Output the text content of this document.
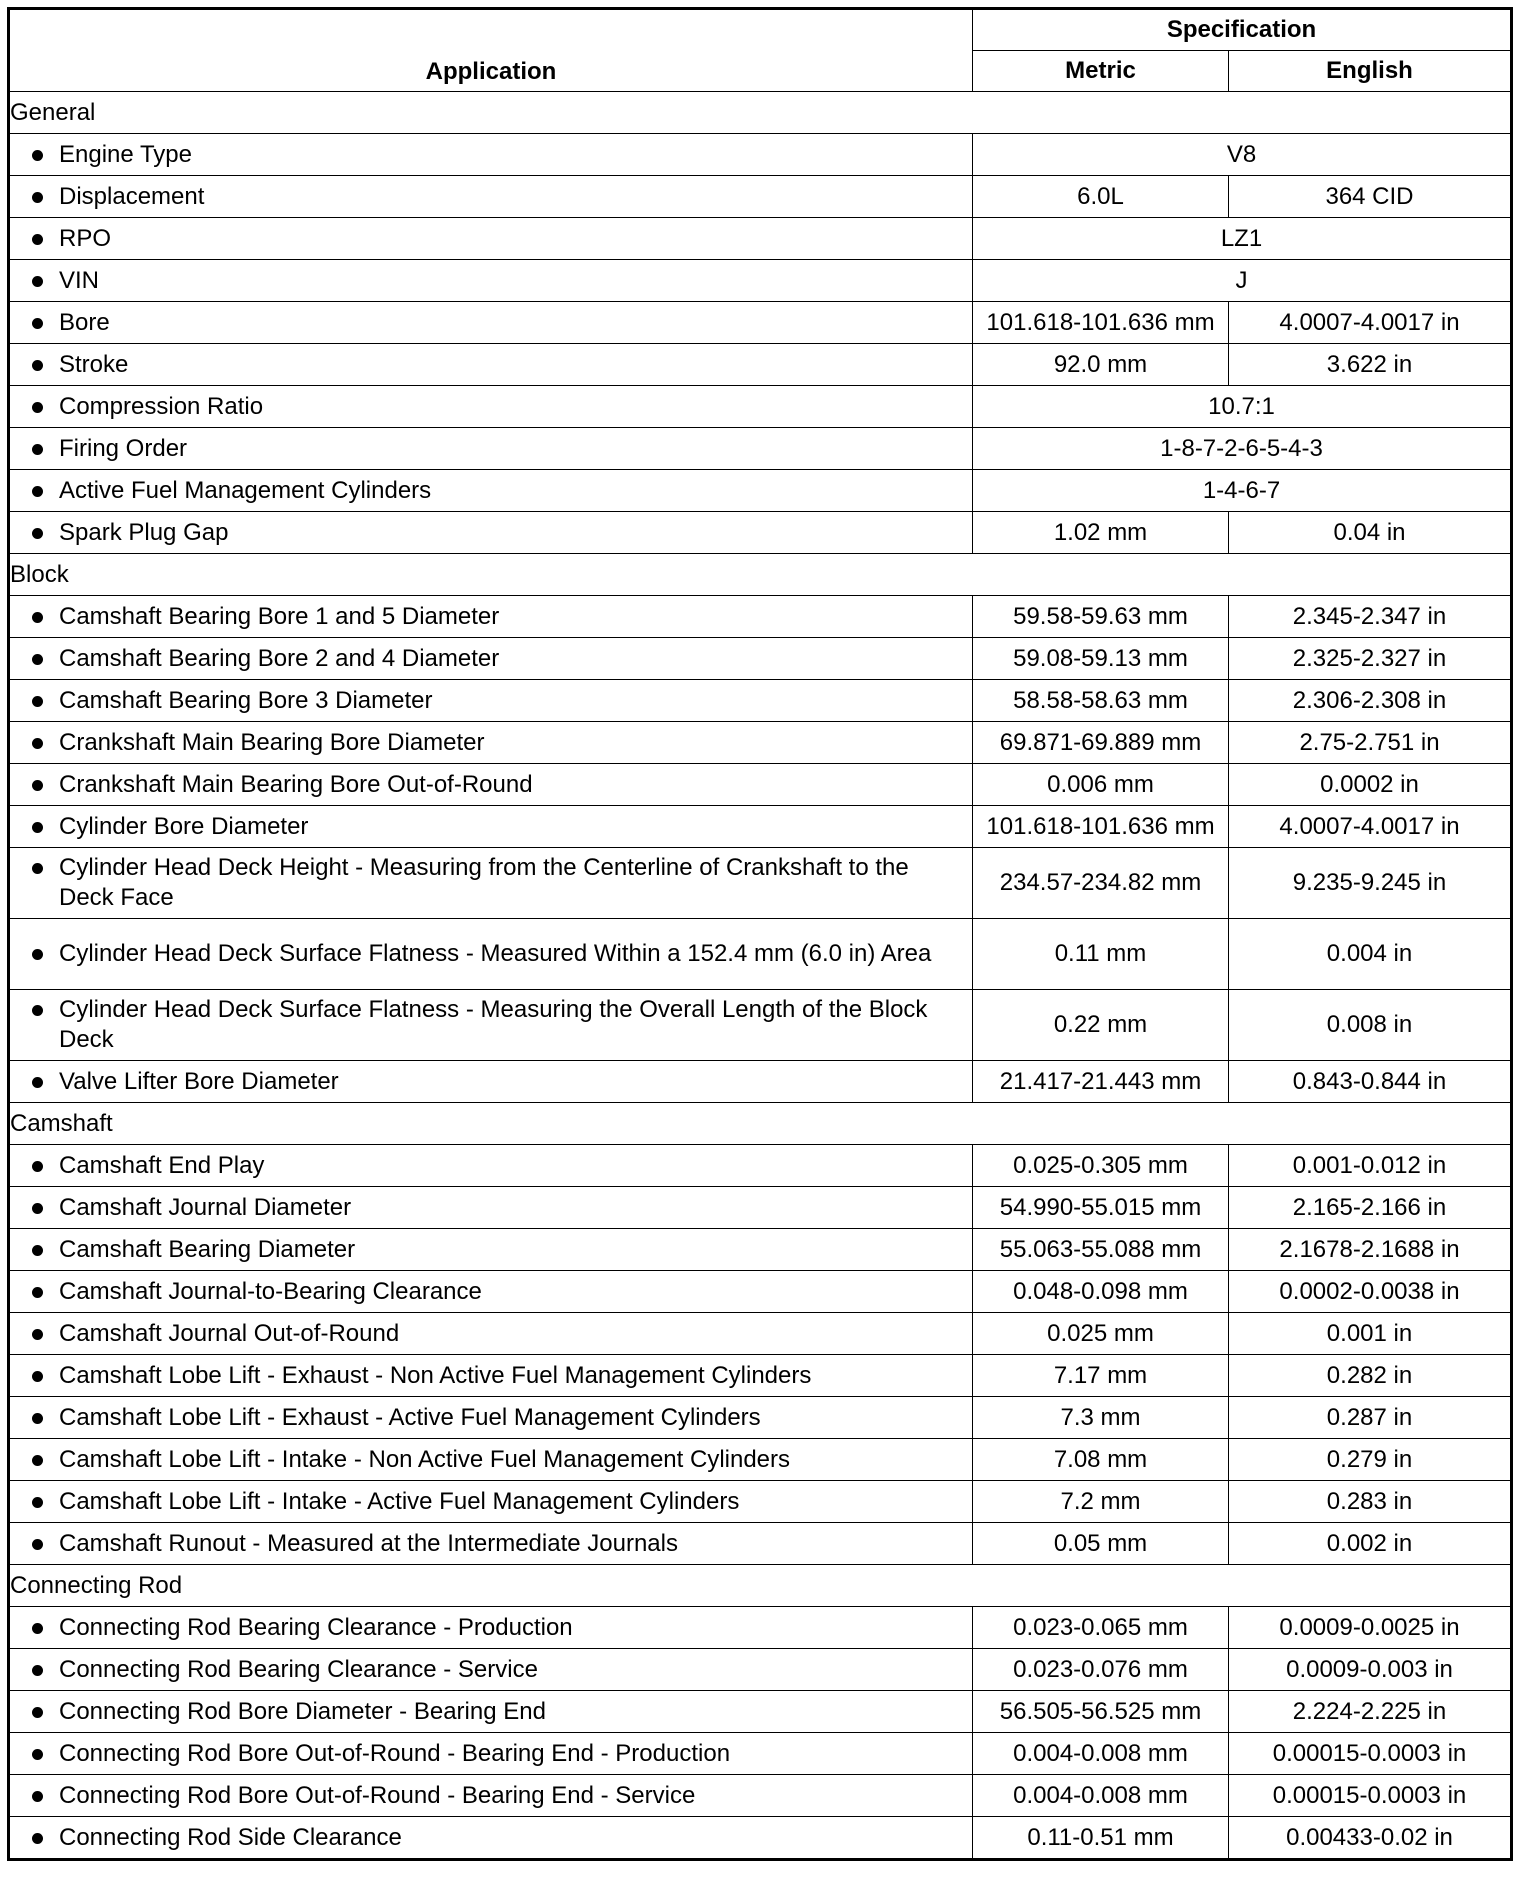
Application	Specification	
	Metric	English
General		

Engine Type	V8	

Displacement	6.0L	364 CID

RPO	LZ1	

VIN	J	

Bore	101.618-101.636 mm	4.0007-4.0017 in

Stroke	92.0 mm	3.622 in

Compression Ratio	10.7:1	

Firing Order	1-8-7-2-6-5-4-3	

Active Fuel Management Cylinders	1-4-6-7	

Spark Plug Gap	1.02 mm	0.04 in
Block		

Camshaft Bearing Bore 1 and 5 Diameter	59.58-59.63 mm	2.345-2.347 in

Camshaft Bearing Bore 2 and 4 Diameter	59.08-59.13 mm	2.325-2.327 in

Camshaft Bearing Bore 3 Diameter	58.58-58.63 mm	2.306-2.308 in

Crankshaft Main Bearing Bore Diameter	69.871-69.889 mm	2.75-2.751 in

Crankshaft Main Bearing Bore Out-of-Round	0.006 mm	0.0002 in

Cylinder Bore Diameter	101.618-101.636 mm	4.0007-4.0017 in

Cylinder Head Deck Height - Measuring from the Centerline of Crankshaft to the Deck Face	234.57-234.82 mm	9.235-9.245 in

Cylinder Head Deck Surface Flatness - Measured Within a 152.4 mm (6.0 in) Area	0.11 mm	0.004 in

Cylinder Head Deck Surface Flatness - Measuring the Overall Length of the Block Deck	0.22 mm	0.008 in

Valve Lifter Bore Diameter	21.417-21.443 mm	0.843-0.844 in
Camshaft		

Camshaft End Play	0.025-0.305 mm	0.001-0.012 in

Camshaft Journal Diameter	54.990-55.015 mm	2.165-2.166 in

Camshaft Bearing Diameter	55.063-55.088 mm	2.1678-2.1688 in

Camshaft Journal-to-Bearing Clearance	0.048-0.098 mm	0.0002-0.0038 in

Camshaft Journal Out-of-Round	0.025 mm	0.001 in

Camshaft Lobe Lift - Exhaust - Non Active Fuel Management Cylinders	7.17 mm	0.282 in

Camshaft Lobe Lift - Exhaust - Active Fuel Management Cylinders	7.3 mm	0.287 in

Camshaft Lobe Lift - Intake - Non Active Fuel Management Cylinders	7.08 mm	0.279 in

Camshaft Lobe Lift - Intake - Active Fuel Management Cylinders	7.2 mm	0.283 in

Camshaft Runout - Measured at the Intermediate Journals	0.05 mm	0.002 in
Connecting Rod		

Connecting Rod Bearing Clearance - Production	0.023-0.065 mm	0.0009-0.0025 in

Connecting Rod Bearing Clearance - Service	0.023-0.076 mm	0.0009-0.003 in

Connecting Rod Bore Diameter - Bearing End	56.505-56.525 mm	2.224-2.225 in

Connecting Rod Bore Out-of-Round - Bearing End - Production	0.004-0.008 mm	0.00015-0.0003 in

Connecting Rod Bore Out-of-Round - Bearing End - Service	0.004-0.008 mm	0.00015-0.0003 in

Connecting Rod Side Clearance	0.11-0.51 mm	0.00433-0.02 in
